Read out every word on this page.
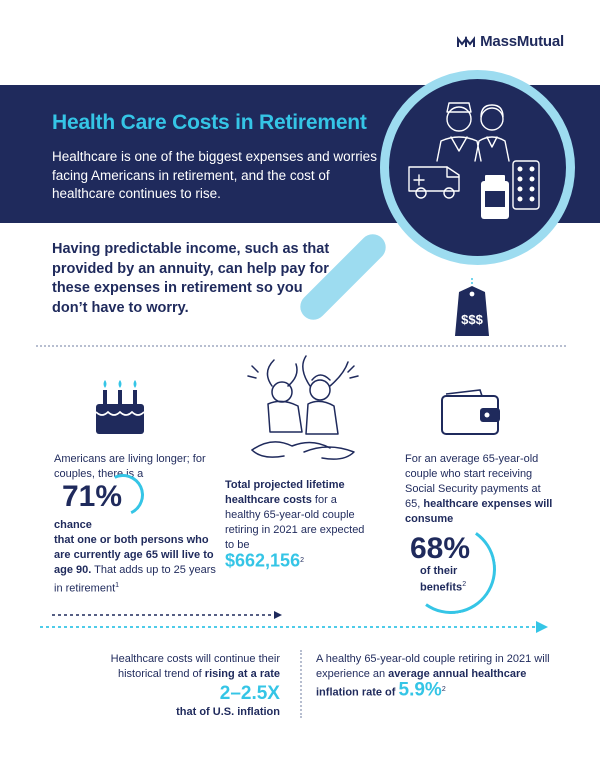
MassMutual
Health Care Costs in Retirement

Healthcare is one of the biggest expenses and worries facing Americans in retirement, and the cost of healthcare continues to rise.

$$$
Having predictable income, such as that provided by an annuity, can help pay for these expenses in retirement so you don’t have to worry.
Americans are living longer; for couples, there is a
71%
chance
that one or both persons who are currently age 65 will live to age 90. That adds up to 25 years in retirement$^1$
Total projected lifetime healthcare costs for a healthy 65-year-old couple retiring in 2021 are expected to be
$662,156$^2$
For an average 65-year-old couple who start receiving Social Security payments at 65, healthcare expenses will consume
68%
of their
benefits$^2$
Healthcare costs will continue their historical trend of rising at a rate
2–2.5X
that of U.S. inflation
A healthy 65-year-old couple retiring in 2021 will experience an average annual healthcare inflation rate of 5.9%$^2$
